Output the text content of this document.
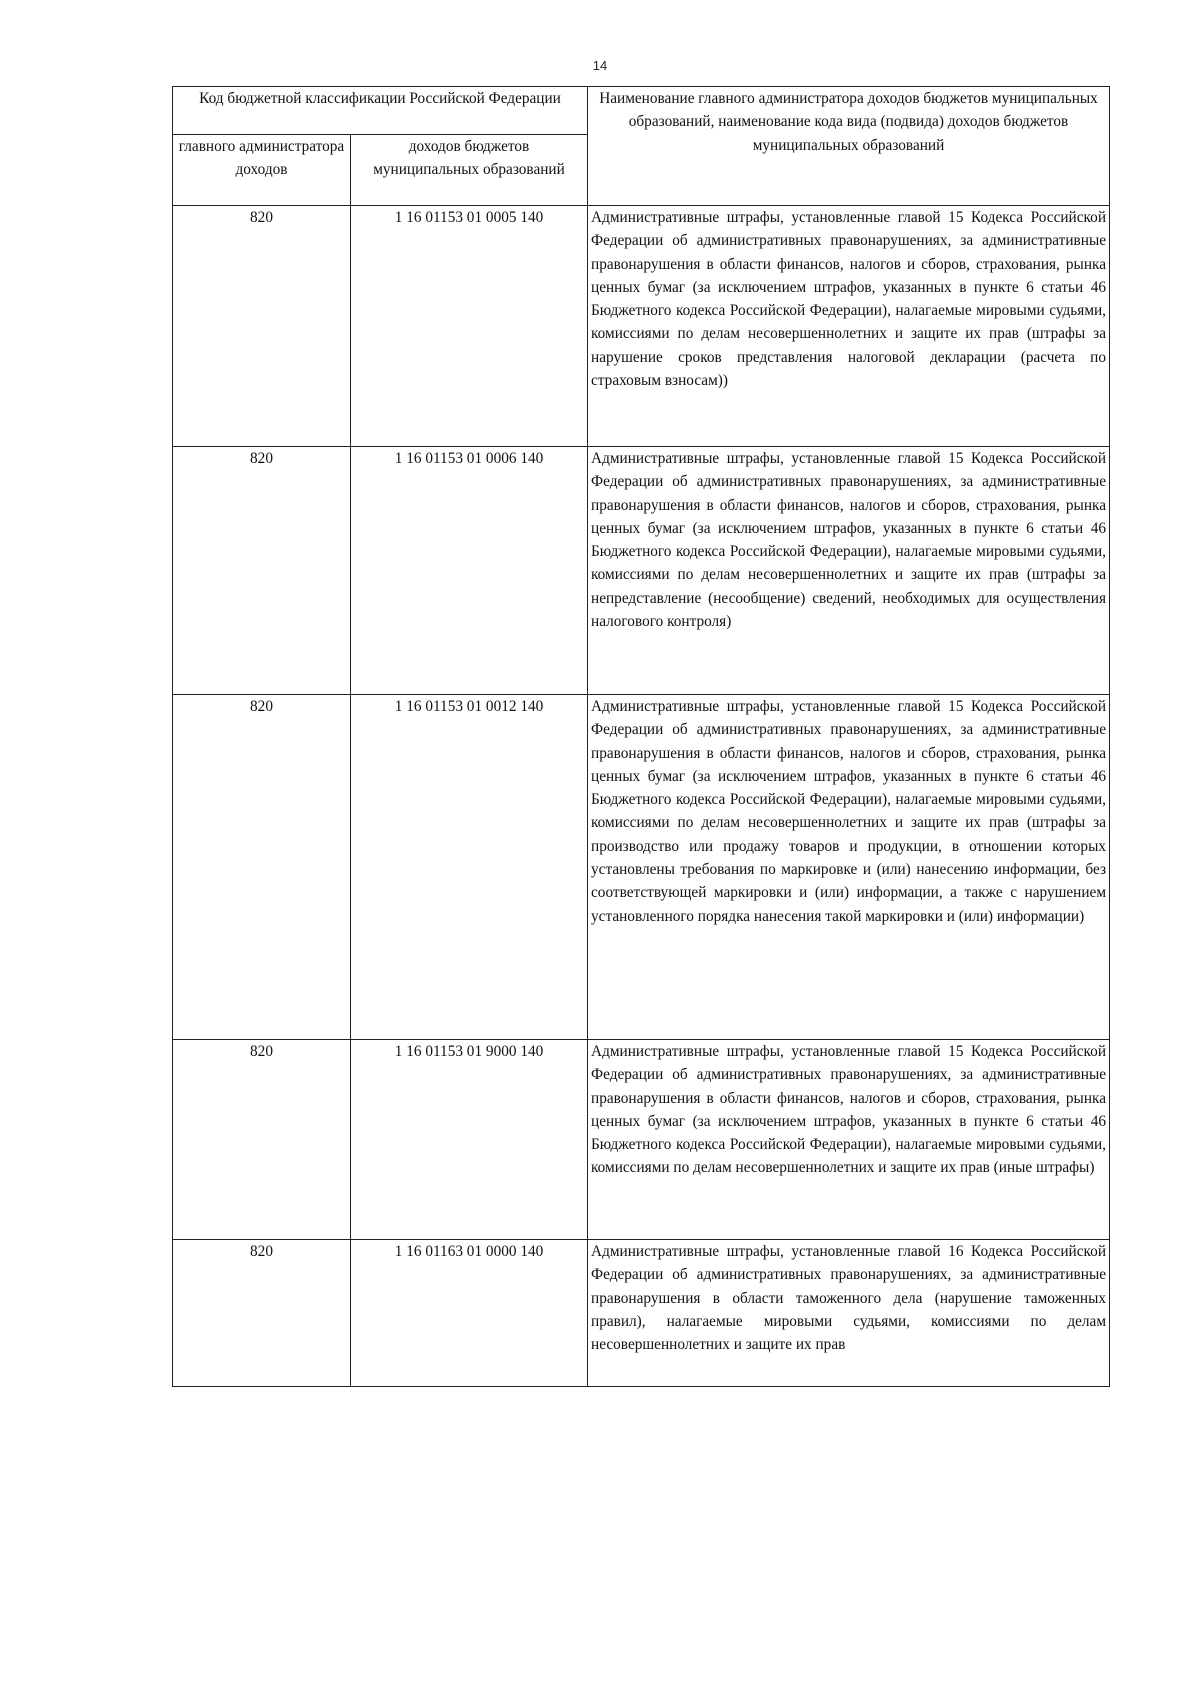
14
Код бюджетной классификации Российской Федерации		Наименование главного администратора доходов бюджетов муниципальных образований, наименование кода вида (подвида) доходов бюджетов муниципальных образований
главного администратора доходов	доходов бюджетов муниципальных образований	
820	1 16 01153 01 0005 140	Административные штрафы, установленные главой 15 Кодекса Российской Федерации об административных правонарушениях, за административные правонарушения в области финансов, налогов и сборов, страхования, рынка ценных бумаг (за исключением штрафов, указанных в пункте 6 статьи 46 Бюджетного кодекса Российской Федерации), налагаемые мировыми судьями, комиссиями по делам несовершеннолетних и защите их прав (штрафы за нарушение сроков представления налоговой декларации (расчета по страховым взносам))
820	1 16 01153 01 0006 140	Административные штрафы, установленные главой 15 Кодекса Российской Федерации об административных правонарушениях, за административные правонарушения в области финансов, налогов и сборов, страхования, рынка ценных бумаг (за исключением штрафов, указанных в пункте 6 статьи 46 Бюджетного кодекса Российской Федерации), налагаемые мировыми судьями, комиссиями по делам несовершеннолетних и защите их прав (штрафы за непредставление (несообщение) сведений, необходимых для осуществления налогового контроля)
820	1 16 01153 01 0012 140	Административные штрафы, установленные главой 15 Кодекса Российской Федерации об административных правонарушениях, за административные правонарушения в области финансов, налогов и сборов, страхования, рынка ценных бумаг (за исключением штрафов, указанных в пункте 6 статьи 46 Бюджетного кодекса Российской Федерации), налагаемые мировыми судьями, комиссиями по делам несовершеннолетних и защите их прав (штрафы за производство или продажу товаров и продукции, в отношении которых установлены требования по маркировке и (или) нанесению информации, без соответствующей маркировки и (или) информации, а также с нарушением установленного порядка нанесения такой маркировки и (или) информации)
820	1 16 01153 01 9000 140	Административные штрафы, установленные главой 15 Кодекса Российской Федерации об административных правонарушениях, за административные правонарушения в области финансов, налогов и сборов, страхования, рынка ценных бумаг (за исключением штрафов, указанных в пункте 6 статьи 46 Бюджетного кодекса Российской Федерации), налагаемые мировыми судьями, комиссиями по делам несовершеннолетних и защите их прав (иные штрафы)
820	1 16 01163 01 0000 140	Административные штрафы, установленные главой 16 Кодекса Российской Федерации об административных правонарушениях, за административные правонарушения в области таможенного дела (нарушение таможенных правил), налагаемые мировыми судьями, комиссиями по делам несовершеннолетних и защите их прав
